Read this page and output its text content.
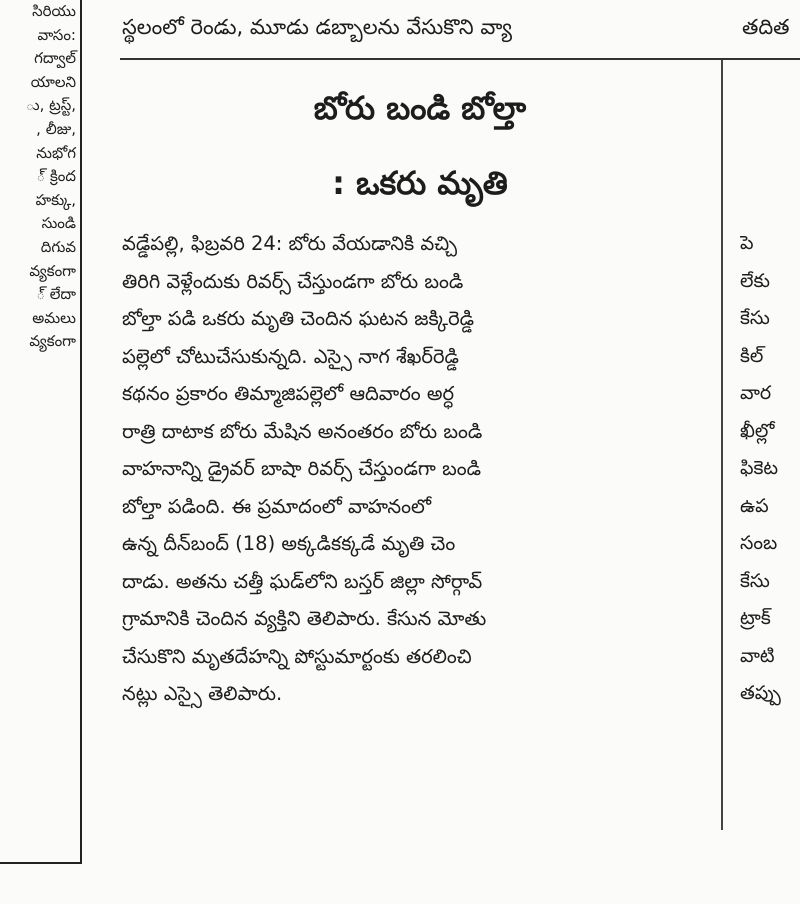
సిరియు
వాసం:
గద్వాల్
యాలని
ు, ట్రస్ట్,
, లీజు,
నుభోగ
్ క్రింద
హక్కు,
సుండి
దిగువ
వ్యకంగా
్ లేదా
అమలు
వ్యకంగా
స్థలంలో రెండు, మూడు డబ్బాలను వేసుకొని వ్యా	తదిత
బోరు బండి బోల్తా
: ఒకరు మృతి
వడ్డేపల్లి, ఫిబ్రవరి 24: బోరు వేయడానికి వచ్చి
తిరిగి వెళ్లేందుకు రివర్స్ చేస్తుండగా బోరు బండి
బోల్తా పడి ఒకరు మృతి చెందిన ఘటన జక్కిరెడ్డి
పల్లెలో చోటుచేసుకున్నది. ఎస్సై నాగ శేఖర్‌రెడ్డి
కథనం ప్రకారం తిమ్మాజిపల్లెలో ఆదివారం అర్ధ
రాత్రి దాటాక బోరు మేషిన అనంతరం బోరు బండి
వాహనాన్ని డ్రైవర్ బాషా రివర్స్ చేస్తుండగా బండి
బోల్తా పడింది. ఈ ప్రమాదంలో వాహనంలో
ఉన్న దీన్‌బంద్ (18) అక్కడికక్కడే మృతి చెం
దాడు. అతను చత్తీ ఘడ్‌లోని బస్తర్ జిల్లా సోర్గావ్
గ్రామానికి చెందిన వ్యక్తిని తెలిపారు. కేసున మోతు
చేసుకొని మృతదేహన్ని పోస్టుమార్టంకు తరలించి
నట్లు ఎస్సై తెలిపారు.
పె
లేకు
కేసు
కిల్
వార
ఖీల్లో
ఫికెట
ఉప
సంబ
కేసు
ట్రాక్
వాటి
తప్పు
